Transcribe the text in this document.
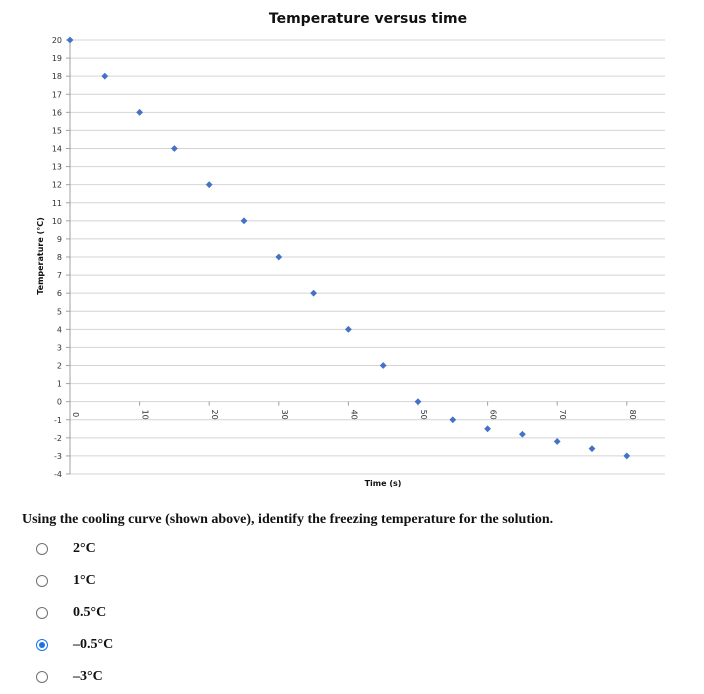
Temperature versus time
20
19
18
17
16
15
14
13
12
11
10
9
8
7
6
5
4
3
2
1
0
-1
-2
-3
-4
0	10	20	30	40	50	60	70	80
Time (s)
Temperature (°C)
Using the cooling curve (shown above), identify the freezing temperature for the solution.
2°C
1°C
0.5°C
–0.5°C
–3°C
